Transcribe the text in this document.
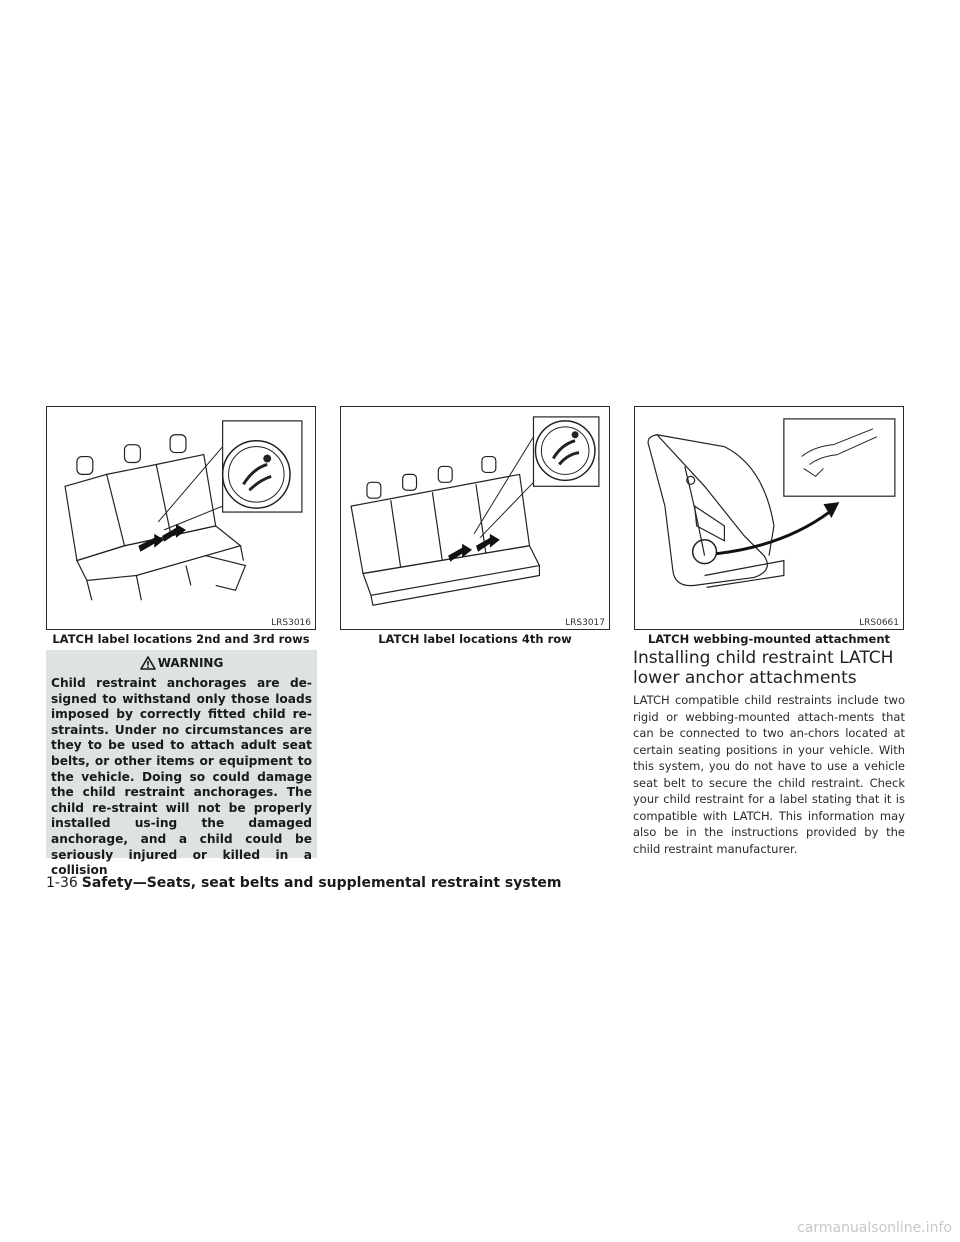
LRS3016
LATCH label locations 2nd and 3rd rows
LRS3017
LATCH label locations 4th row
LRS0661
LATCH webbing-mounted attachment
WARNING
Child restraint anchorages are de-signed to withstand only those loads imposed by correctly fitted child re-straints. Under no circumstances are they to be used to attach adult seat belts, or other items or equipment to the vehicle. Doing so could damage the child restraint anchorages. The child re-straint will not be properly installed us-ing the damaged anchorage, and a child could be seriously injured or killed in a collision
Installing child restraint LATCH lower anchor attachments
LATCH compatible child restraints include two rigid or webbing-mounted attach-ments that can be connected to two an-chors located at certain seating positions in your vehicle. With this system, you do not have to use a vehicle seat belt to secure the child restraint. Check your child restraint for a label stating that it is compatible with LATCH. This information may also be in the instructions provided by the child restraint manufacturer.
1-36 Safety—Seats, seat belts and supplemental restraint system
carmanualsonline.info
